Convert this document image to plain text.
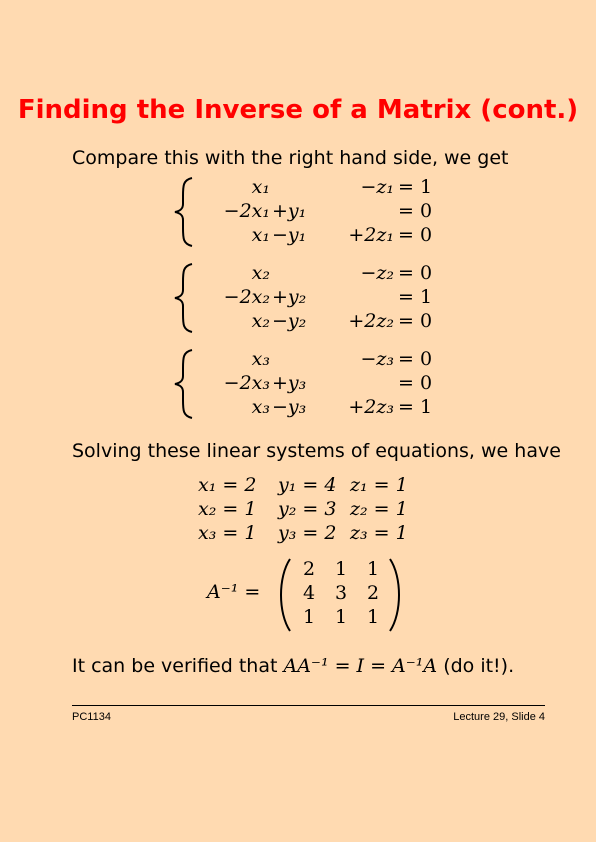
Finding the Inverse of a Matrix (cont.)
Compare this with the right hand side, we get
x₁	−z₁ = 1
−2x₁ +y₁	= 0
x₁ −y₁	+2z₁ = 0
x₂	−z₂ = 0
−2x₂ +y₂	= 1
x₂ −y₂	+2z₂ = 0
x₃	−z₃ = 0
−2x₃ +y₃	= 0
x₃ −y₃	+2z₃ = 1
Solving these linear systems of equations, we have
x₁ = 2 y₁ = 4 z₁ = 1
x₂ = 1 y₂ = 3 z₂ = 1
x₃ = 1 y₃ = 2 z₃ = 1
A⁻¹ =
2	1	1
4	3	2
1	1	1
It can be verified that AA⁻¹ = I = A⁻¹A (do it!).
PC1134	Lecture 29, Slide 4
